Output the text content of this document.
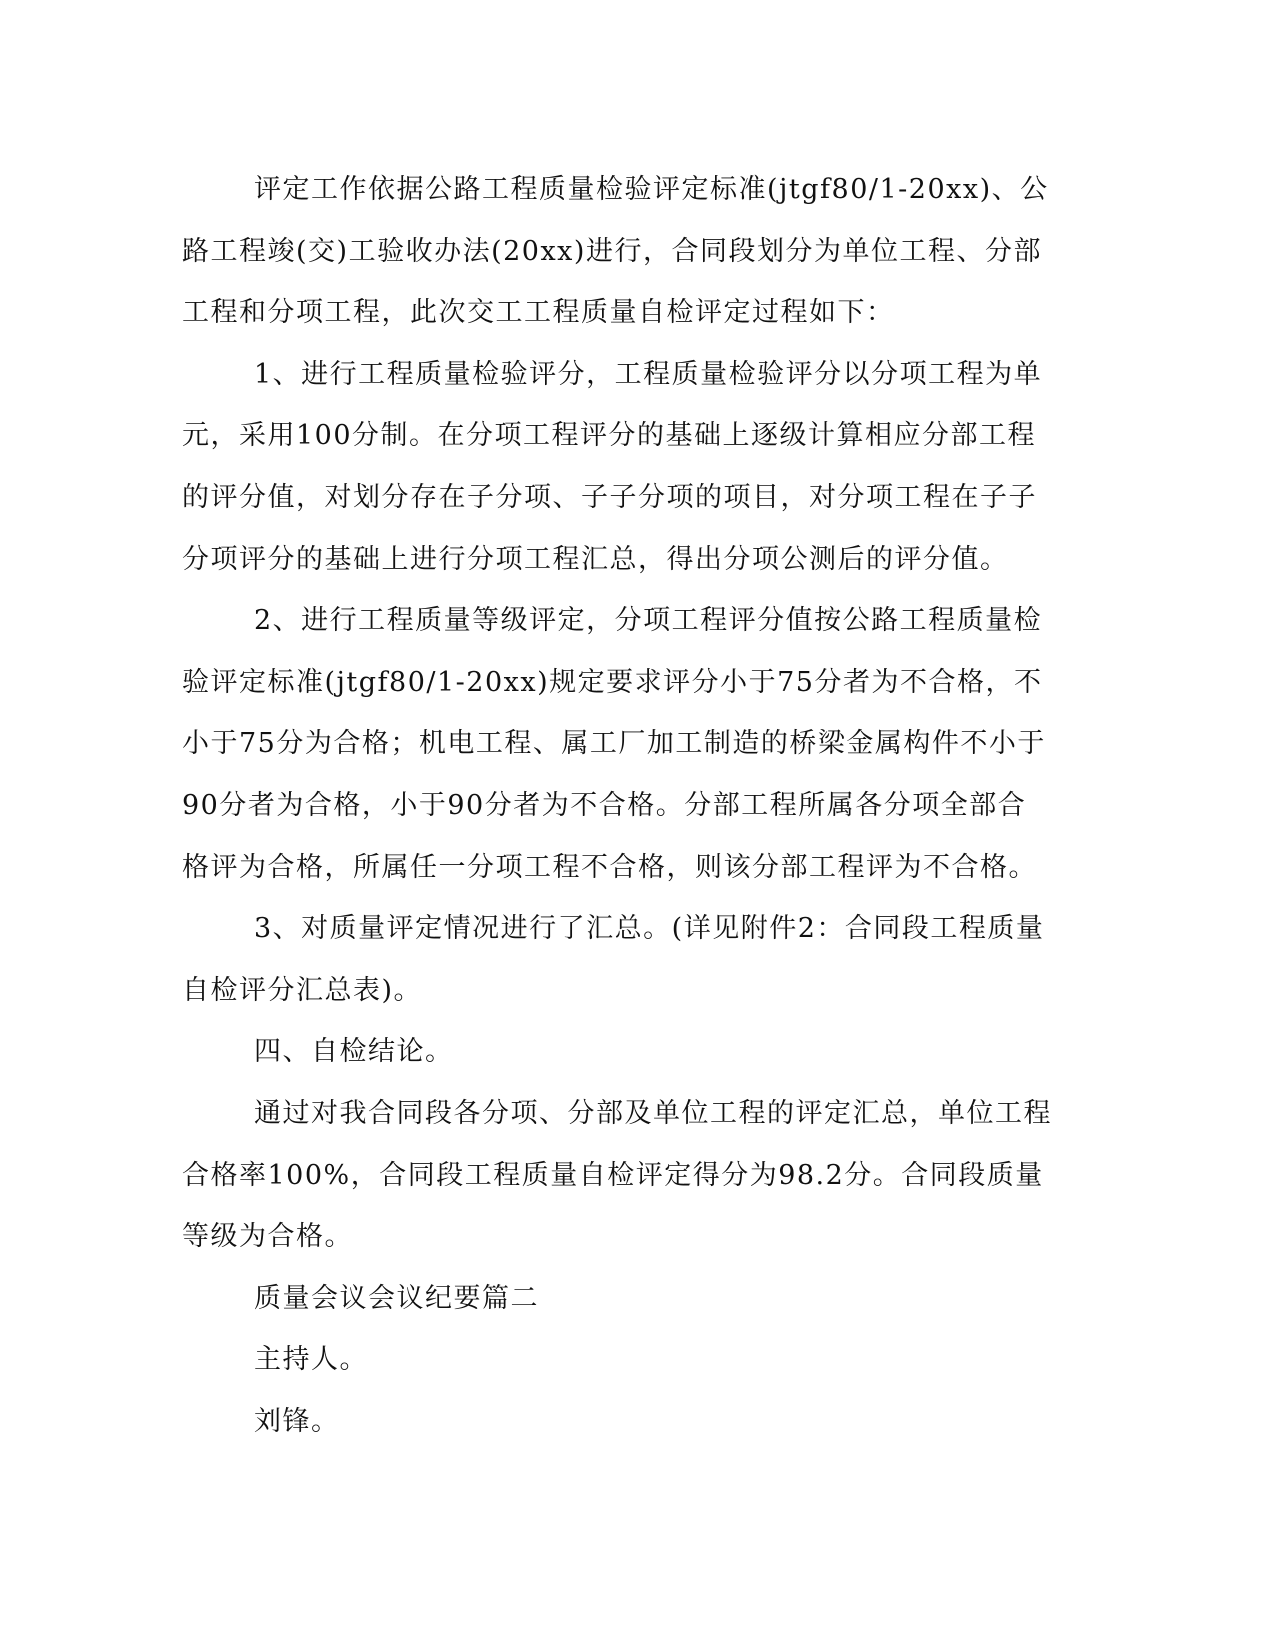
评定工作依据公路工程质量检验评定标准(jtgf80/1-20xx)、公路工程竣(交)工验收办法(20xx)进行，合同段划分为单位工程、分部工程和分项工程，此次交工工程质量自检评定过程如下：

1、进行工程质量检验评分，工程质量检验评分以分项工程为单元，采用100分制。在分项工程评分的基础上逐级计算相应分部工程的评分值，对划分存在子分项、子子分项的项目，对分项工程在子子分项评分的基础上进行分项工程汇总，得出分项公测后的评分值。

2、进行工程质量等级评定，分项工程评分值按公路工程质量检验评定标准(jtgf80/1-20xx)规定要求评分小于75分者为不合格，不小于75分为合格；机电工程、属工厂加工制造的桥梁金属构件不小于90分者为合格，小于90分者为不合格。分部工程所属各分项全部合格评为合格，所属任一分项工程不合格，则该分部工程评为不合格。

3、对质量评定情况进行了汇总。(详见附件2：合同段工程质量自检评分汇总表)。

四、自检结论。

通过对我合同段各分项、分部及单位工程的评定汇总，单位工程合格率100%，合同段工程质量自检评定得分为98.2分。合同段质量等级为合格。

质量会议会议纪要篇二

主持人。

刘锋。
